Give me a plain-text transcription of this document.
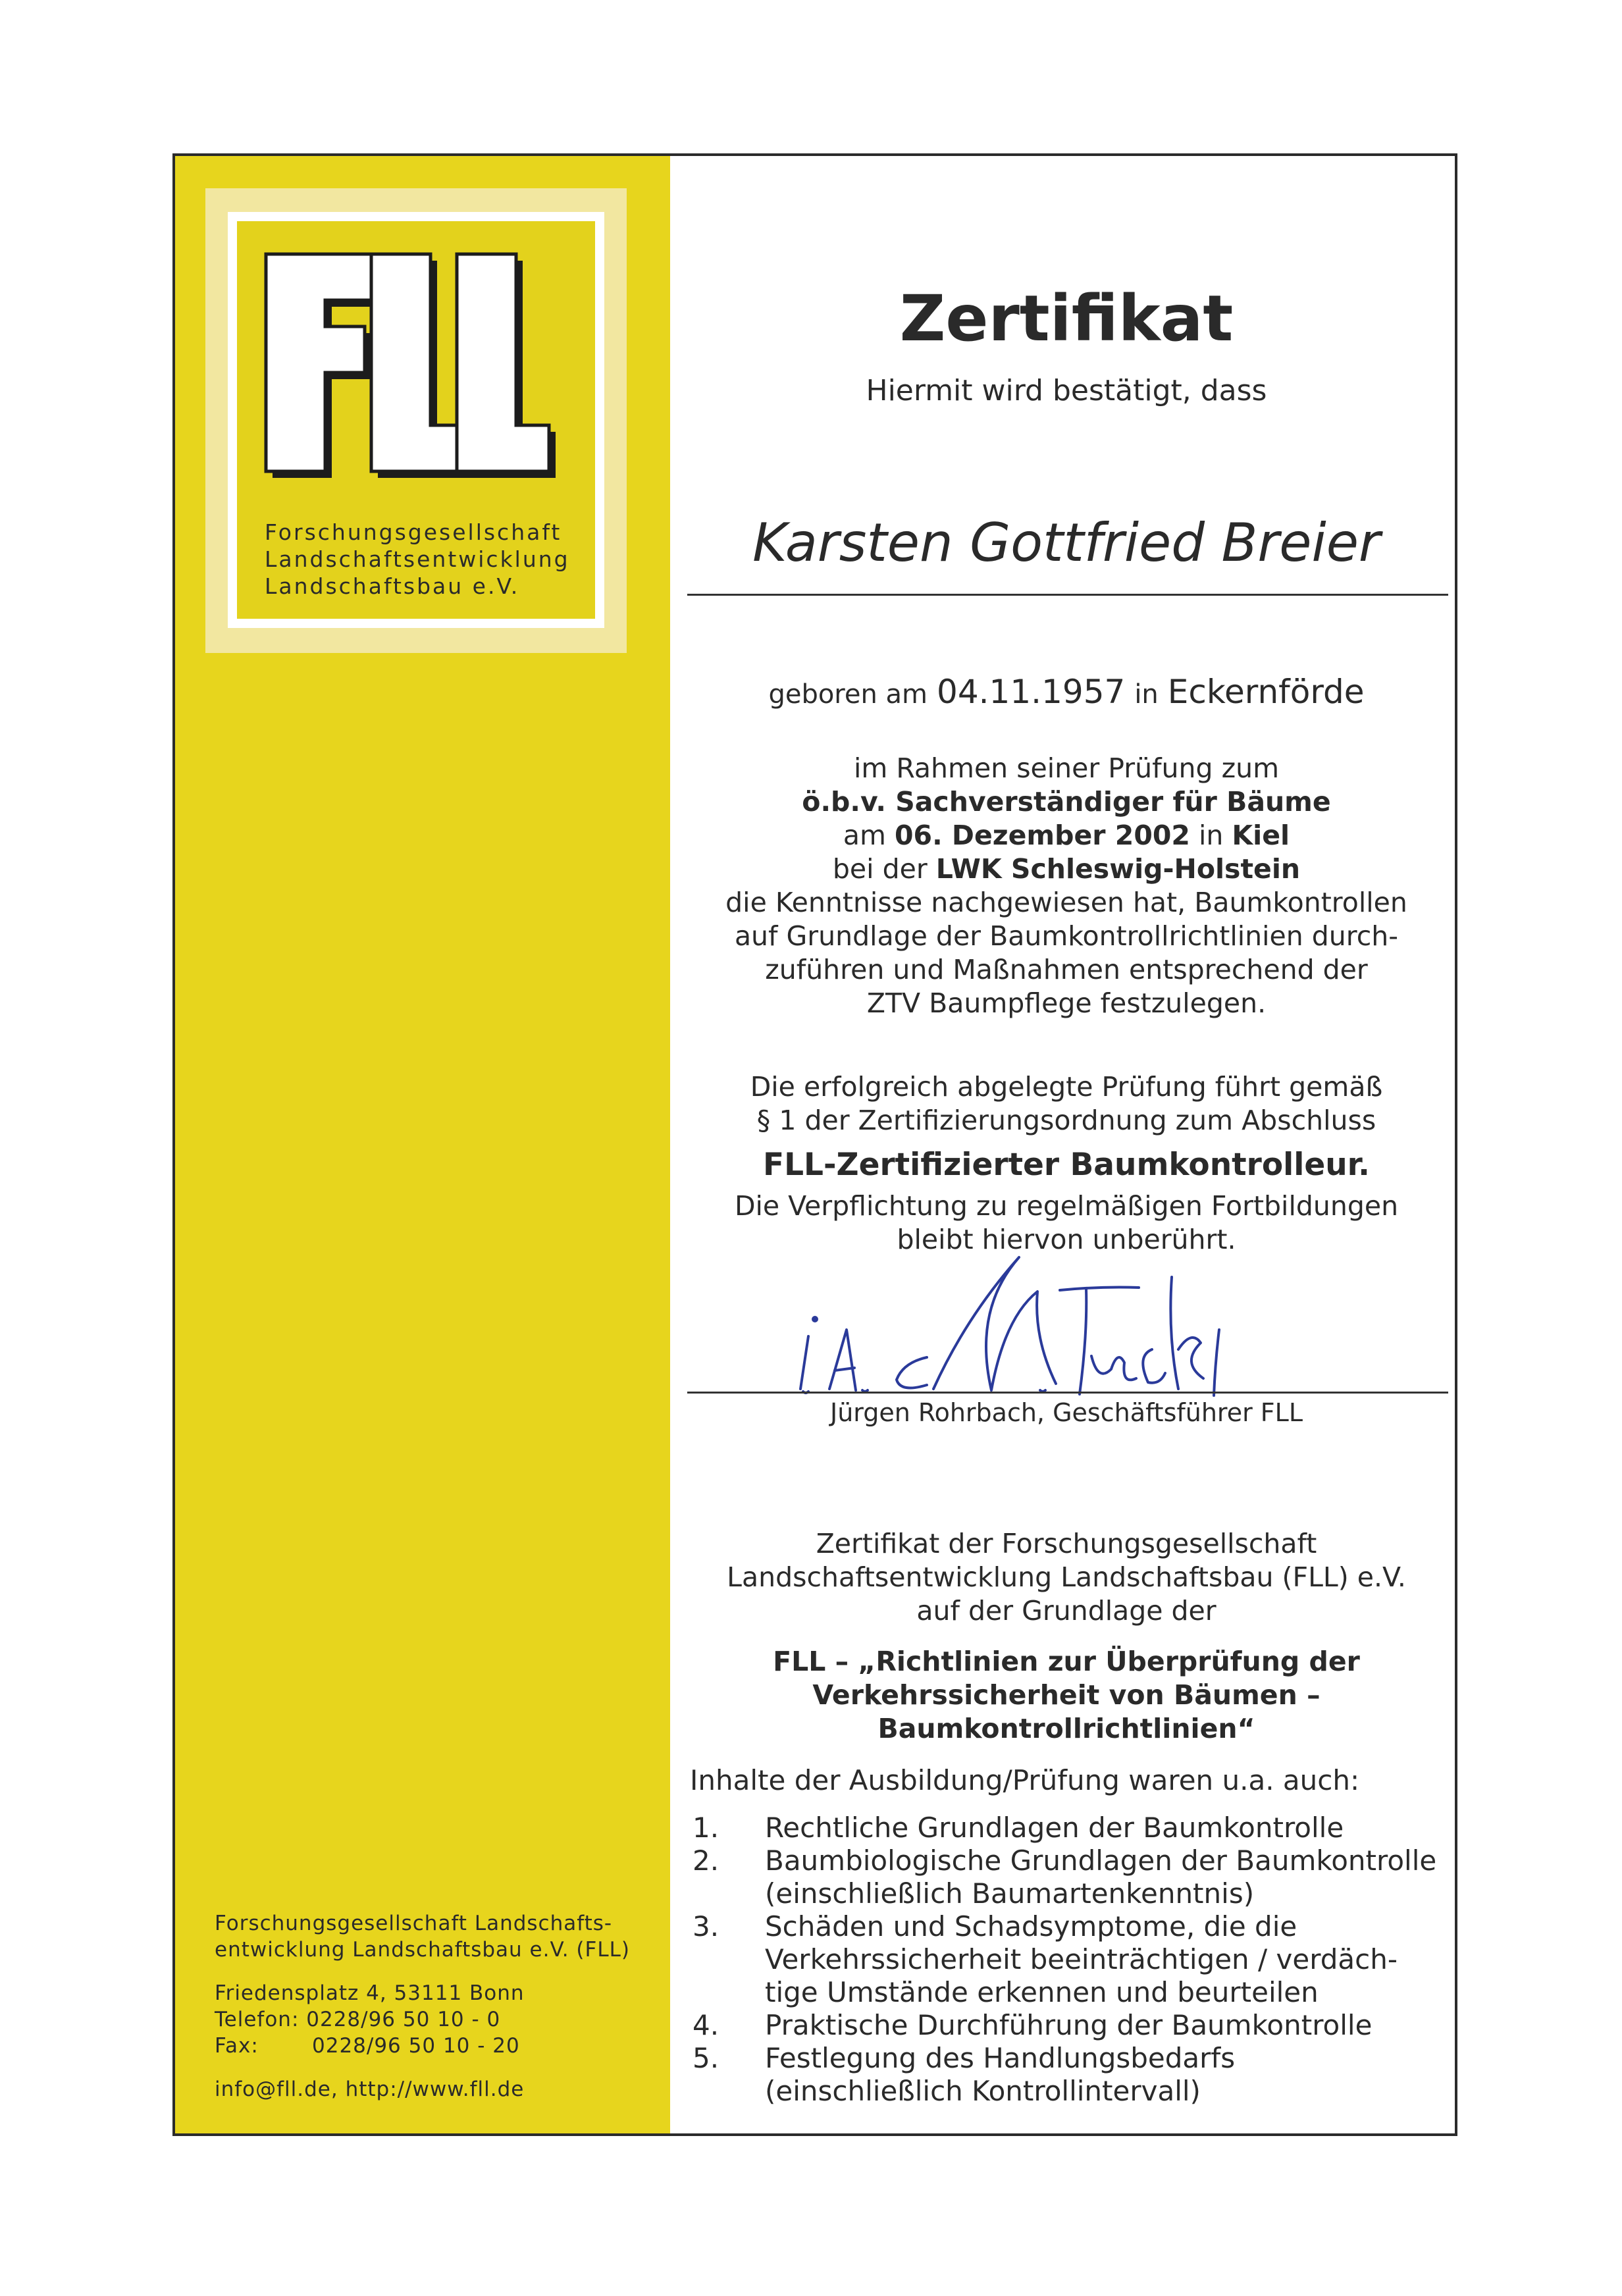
Forschungsgesellschaft
Landschaftsentwicklung
Landschaftsbau e.V.
Forschungsgesellschaft Landschafts-
entwicklung Landschaftsbau e.V. (FLL)
Friedensplatz 4, 53111 Bonn
Telefon: 0228/96 50 10 - 0
Fax:	0228/96 50 10 - 20
info@fll.de, http://www.fll.de
Zertifikat
Hiermit wird bestätigt, dass
Karsten Gottfried Breier
geboren am 04.11.1957 in Eckernförde
im Rahmen seiner Prüfung zum
ö.b.v. Sachverständiger für Bäume
am 06. Dezember 2002 in Kiel
bei der LWK Schleswig-Holstein
die Kenntnisse nachgewiesen hat, Baumkontrollen
auf Grundlage der Baumkontrollrichtlinien durch-
zuführen und Maßnahmen entsprechend der
ZTV Baumpflege festzulegen.
Die erfolgreich abgelegte Prüfung führt gemäß
§ 1 der Zertifizierungsordnung zum Abschluss
FLL-Zertifizierter Baumkontrolleur.
Die Verpflichtung zu regelmäßigen Fortbildungen
bleibt hiervon unberührt.
Jürgen Rohrbach, Geschäftsführer FLL
Zertifikat der Forschungsgesellschaft
Landschaftsentwicklung Landschaftsbau (FLL) e.V.
auf der Grundlage der
FLL – „Richtlinien zur Überprüfung der
Verkehrssicherheit von Bäumen –
Baumkontrollrichtlinien“
Inhalte der Ausbildung/Prüfung waren u.a. auch:
1.	Rechtliche Grundlagen der Baumkontrolle
2.	Baumbiologische Grundlagen der Baumkontrolle
(einschließlich Baumartenkenntnis)
3.	Schäden und Schadsymptome, die die
Verkehrssicherheit beeinträchtigen / verdäch-
tige Umstände erkennen und beurteilen
4.	Praktische Durchführung der Baumkontrolle
5.	Festlegung des Handlungsbedarfs
(einschließlich Kontrollintervall)
